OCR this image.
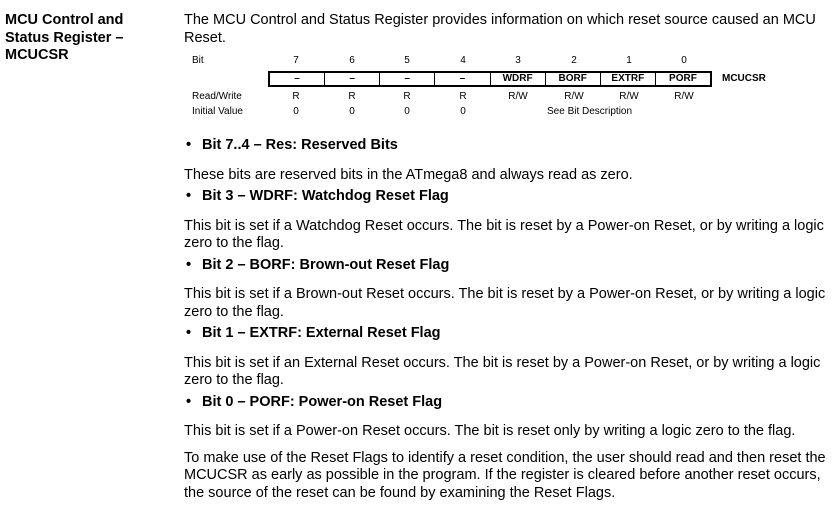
MCU Control and
Status Register –
MCUCSR

The MCU Control and Status Register provides information on which reset source caused an MCU Reset.

Bit	7	6	5	4	3	2	1	0
–	–	–	–	WDRF	BORF	EXTRF	PORF	MCUCSR
Read/Write	R	R	R	R	R/W	R/W	R/W	R/W
Initial Value	0	0	0	0	See Bit Description
• Bit 7..4 – Res: Reserved Bits

These bits are reserved bits in the ATmega8 and always read as zero.

• Bit 3 – WDRF: Watchdog Reset Flag

This bit is set if a Watchdog Reset occurs. The bit is reset by a Power-on Reset, or by writing a logic zero to the flag.

• Bit 2 – BORF: Brown-out Reset Flag

This bit is set if a Brown-out Reset occurs. The bit is reset by a Power-on Reset, or by writing a logic zero to the flag.

• Bit 1 – EXTRF: External Reset Flag

This bit is set if an External Reset occurs. The bit is reset by a Power-on Reset, or by writing a logic zero to the flag.

• Bit 0 – PORF: Power-on Reset Flag

This bit is set if a Power-on Reset occurs. The bit is reset only by writing a logic zero to the flag.

To make use of the Reset Flags to identify a reset condition, the user should read and then reset the MCUCSR as early as possible in the program. If the register is cleared before another reset occurs, the source of the reset can be found by examining the Reset Flags.
